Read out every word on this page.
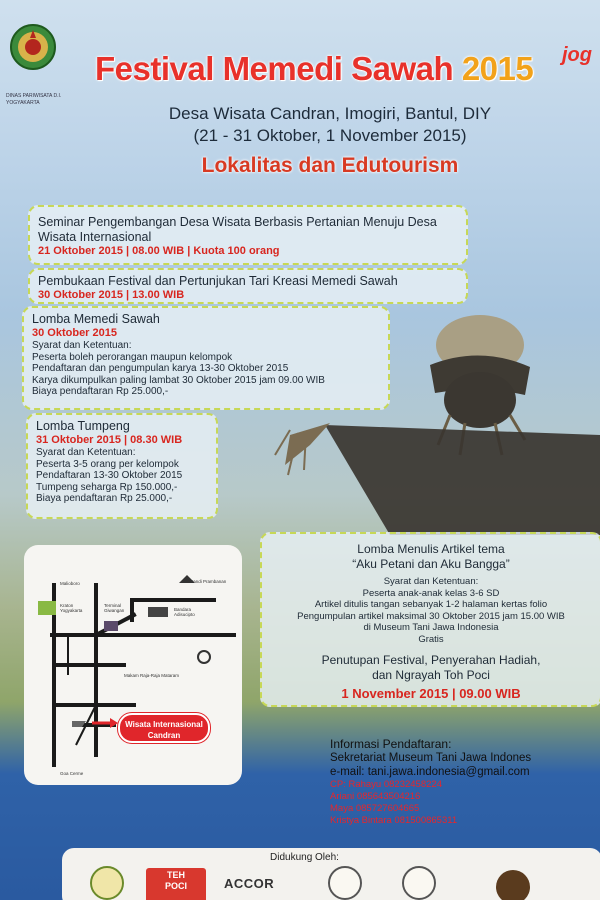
DINAS PARIWISATA D.I. YOGYAKARTA
Festival Memedi Sawah 2015	jog
Desa Wisata Candran, Imogiri, Bantul, DIY
(21 - 31 Oktober, 1 November 2015)
Lokalitas dan Edutourism
Seminar Pengembangan Desa Wisata Berbasis Pertanian Menuju Desa Wisata Internasional
21 Oktober 2015 | 08.00 WIB | Kuota 100 orang
Pembukaan Festival dan Pertunjukan Tari Kreasi Memedi Sawah
30 Oktober 2015 | 13.00 WIB
Lomba Memedi Sawah
30 Oktober 2015
Syarat dan Ketentuan:
Peserta boleh perorangan maupun kelompok
Pendaftaran dan pengumpulan karya 13-30 Oktober 2015
Karya dikumpulkan paling lambat 30 Oktober 2015 jam 09.00 WIB
Biaya pendaftaran Rp 25.000,-
Lomba Tumpeng
31 Oktober 2015 | 08.30 WIB
Syarat dan Ketentuan:
Peserta 3-5 orang per kelompok
Pendaftaran 13-30 Oktober 2015
Tumpeng seharga Rp 150.000,-
Biaya pendaftaran Rp 25.000,-
Malioboro	Candi Prambanan
Kraton Yogyakarta
Terminal Giwangan	Bandara Adisucipto
Makam Raja-Raja Mataram
Goa Cerme
Wisata Internasional
Candran
Lomba Menulis Artikel tema
“Aku Petani dan Aku Bangga”
Syarat dan Ketentuan:
Peserta anak-anak kelas 3-6 SD
Artikel ditulis tangan sebanyak 1-2 halaman kertas folio
Pengumpulan artikel maksimal 30 Oktober 2015 jam 15.00 WIB
di Museum Tani Jawa Indonesia
Gratis
Penutupan Festival, Penyerahan Hadiah,
dan Ngrayah Toh Poci
1 November 2015 | 09.00 WIB
Informasi Pendaftaran:
Sekretariat Museum Tani Jawa Indones
e-mail: tani.jawa.indonesia@gmail.com
CP: Rahayu 08232458224
Ariani 085643504216
Maya 085727604665
Kristya Bintara 081500865311
Didukung Oleh:
TEH
POCI	ACCOR
